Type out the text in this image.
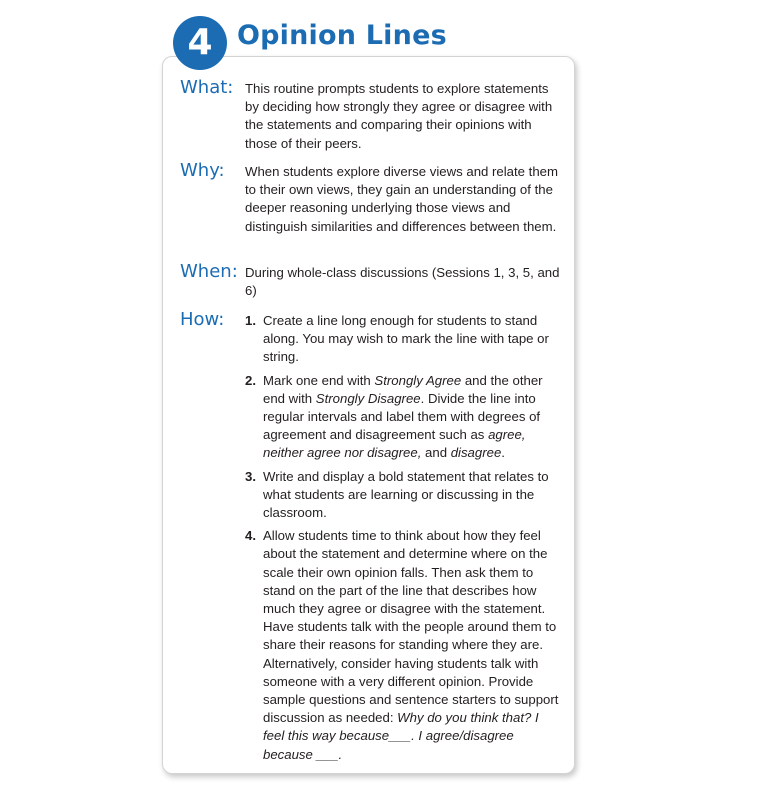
4 Opinion Lines
What: This routine prompts students to explore statements by deciding how strongly they agree or disagree with the statements and comparing their opinions with those of their peers.
Why: When students explore diverse views and relate them to their own views, they gain an understanding of the deeper reasoning underlying those views and distinguish similarities and differences between them.
When: During whole-class discussions (Sessions 1, 3, 5, and 6)
How: 1. Create a line long enough for students to stand along. You may wish to mark the line with tape or string.
2. Mark one end with Strongly Agree and the other end with Strongly Disagree. Divide the line into regular intervals and label them with degrees of agreement and disagreement such as agree, neither agree nor disagree, and disagree.
3. Write and display a bold statement that relates to what students are learning or discussing in the classroom.
4. Allow students time to think about how they feel about the statement and determine where on the scale their own opinion falls. Then ask them to stand on the part of the line that describes how much they agree or disagree with the statement. Have students talk with the people around them to share their reasons for standing where they are. Alternatively, consider having students talk with someone with a very different opinion. Provide sample questions and sentence starters to support discussion as needed: Why do you think that? I feel this way because___. I agree/disagree because ___.
